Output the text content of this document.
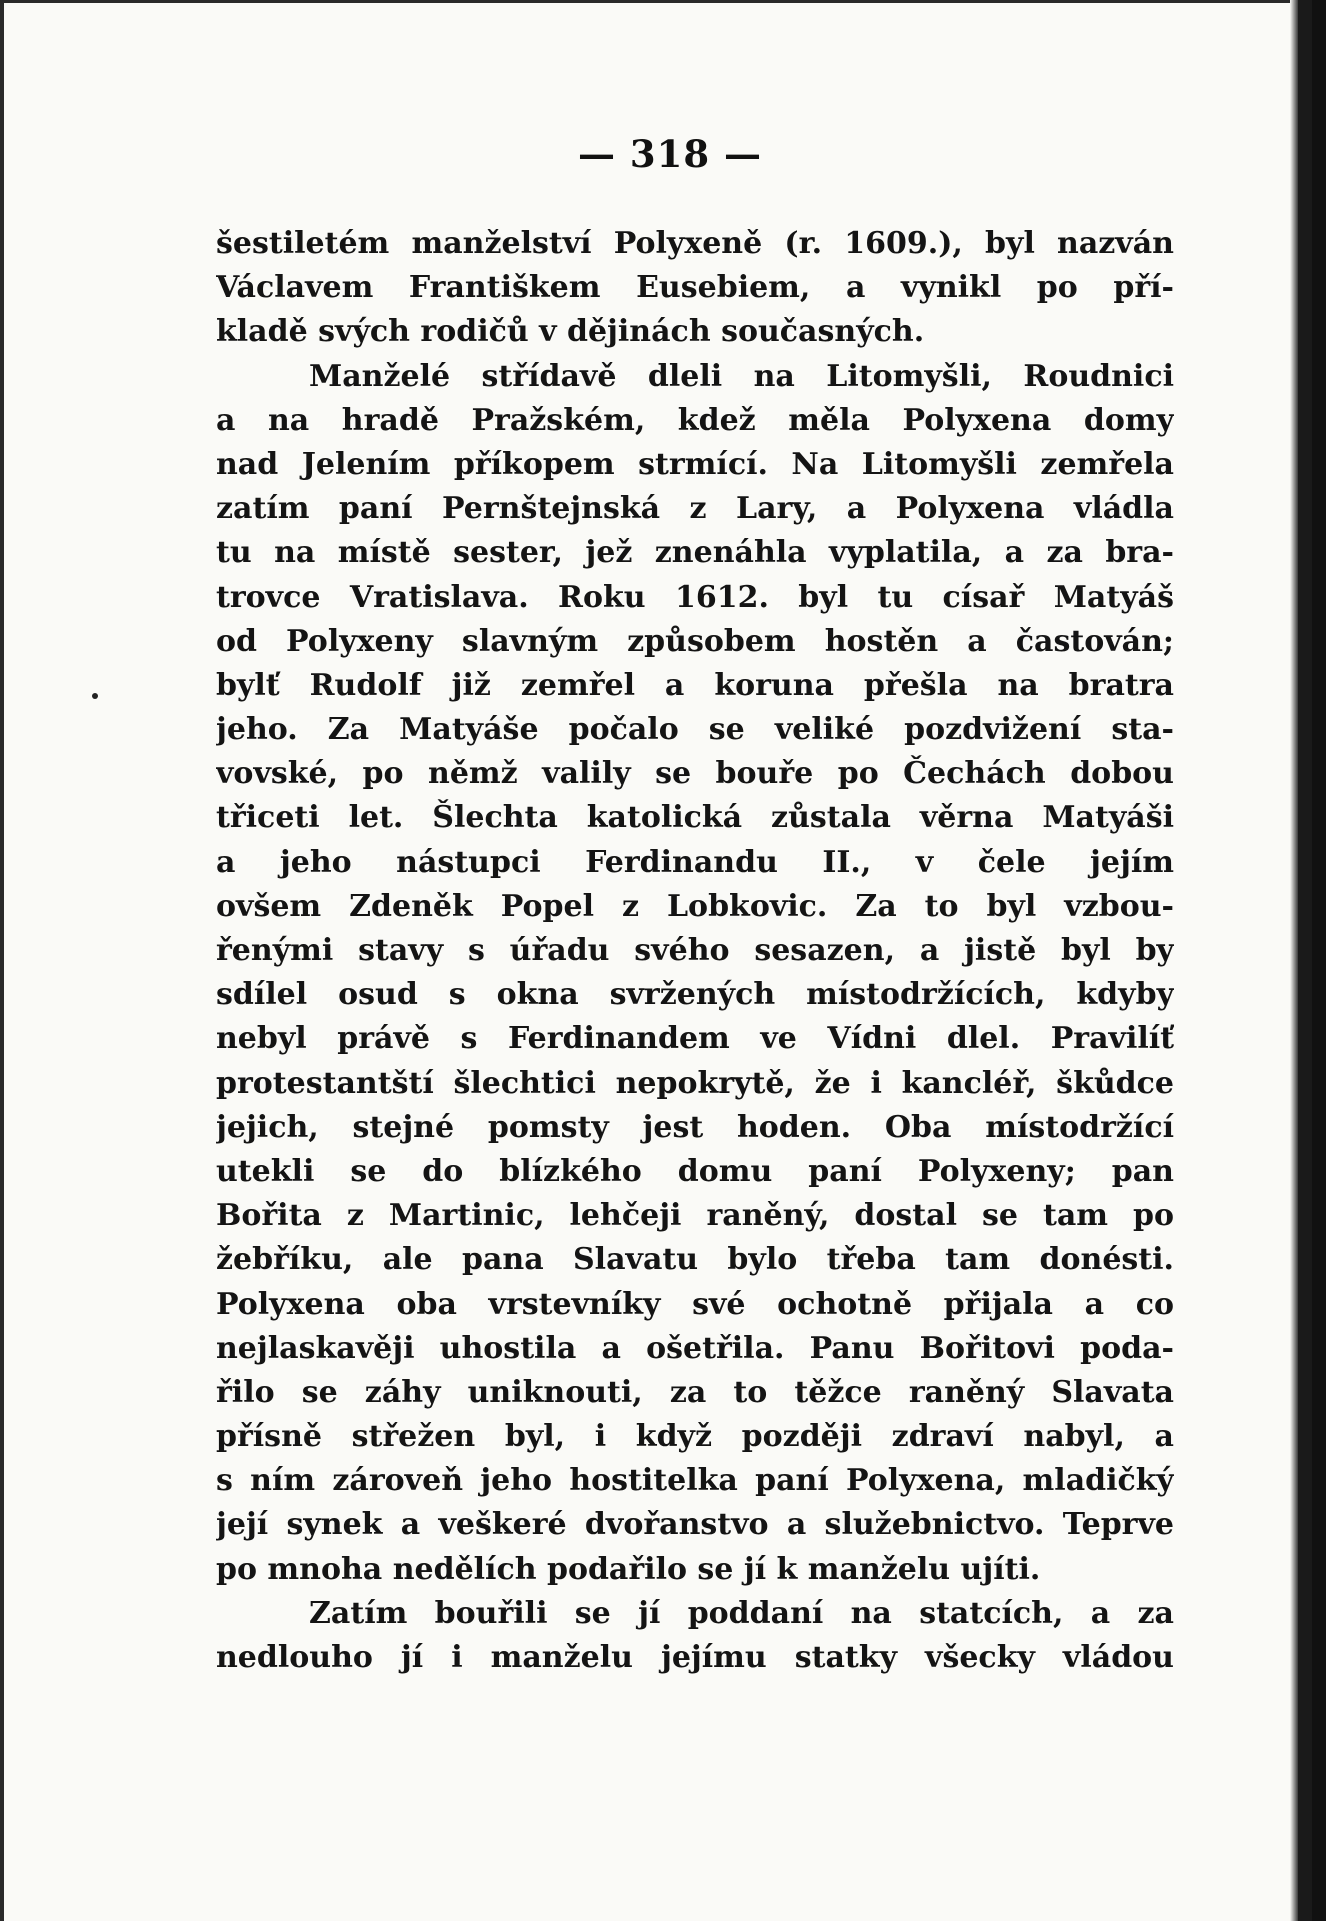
— 318 —
šestiletém manželství Polyxeně (r. 1609.), byl nazván
Václavem Františkem Eusebiem, a vynikl po pří-
kladě svých rodičů v dějinách současných.
Manželé střídavě dleli na Litomyšli, Roudnici
a na hradě Pražském, kdež měla Polyxena domy
nad Jelením příkopem strmící. Na Litomyšli zemřela
zatím paní Pernštejnská z Lary, a Polyxena vládla
tu na místě sester, jež znenáhla vyplatila, a za bra-
trovce Vratislava. Roku 1612. byl tu císař Matyáš
od Polyxeny slavným způsobem hostěn a častován;
bylť Rudolf již zemřel a koruna přešla na bratra
jeho. Za Matyáše počalo se veliké pozdvižení sta-
vovské, po němž valily se bouře po Čechách dobou
třiceti let. Šlechta katolická zůstala věrna Matyáši
a jeho nástupci Ferdinandu II., v čele jejím
ovšem Zdeněk Popel z Lobkovic. Za to byl vzbou-
řenými stavy s úřadu svého sesazen, a jistě byl by
sdílel osud s okna svržených místodržících, kdyby
nebyl právě s Ferdinandem ve Vídni dlel. Pravilíť
protestantští šlechtici nepokrytě, že i kancléř, škůdce
jejich, stejné pomsty jest hoden. Oba místodržící
utekli se do blízkého domu paní Polyxeny; pan
Bořita z Martinic, lehčeji raněný, dostal se tam po
žebříku, ale pana Slavatu bylo třeba tam donésti.
Polyxena oba vrstevníky své ochotně přijala a co
nejlaskavěji uhostila a ošetřila. Panu Bořitovi poda-
řilo se záhy uniknouti, za to těžce raněný Slavata
přísně střežen byl, i když později zdraví nabyl, a
s ním zároveň jeho hostitelka paní Polyxena, mladičký
její synek a veškeré dvořanstvo a služebnictvo. Teprve
po mnoha nedělích podařilo se jí k manželu ujíti.
Zatím bouřili se jí poddaní na statcích, a za
nedlouho jí i manželu jejímu statky všecky vládou
